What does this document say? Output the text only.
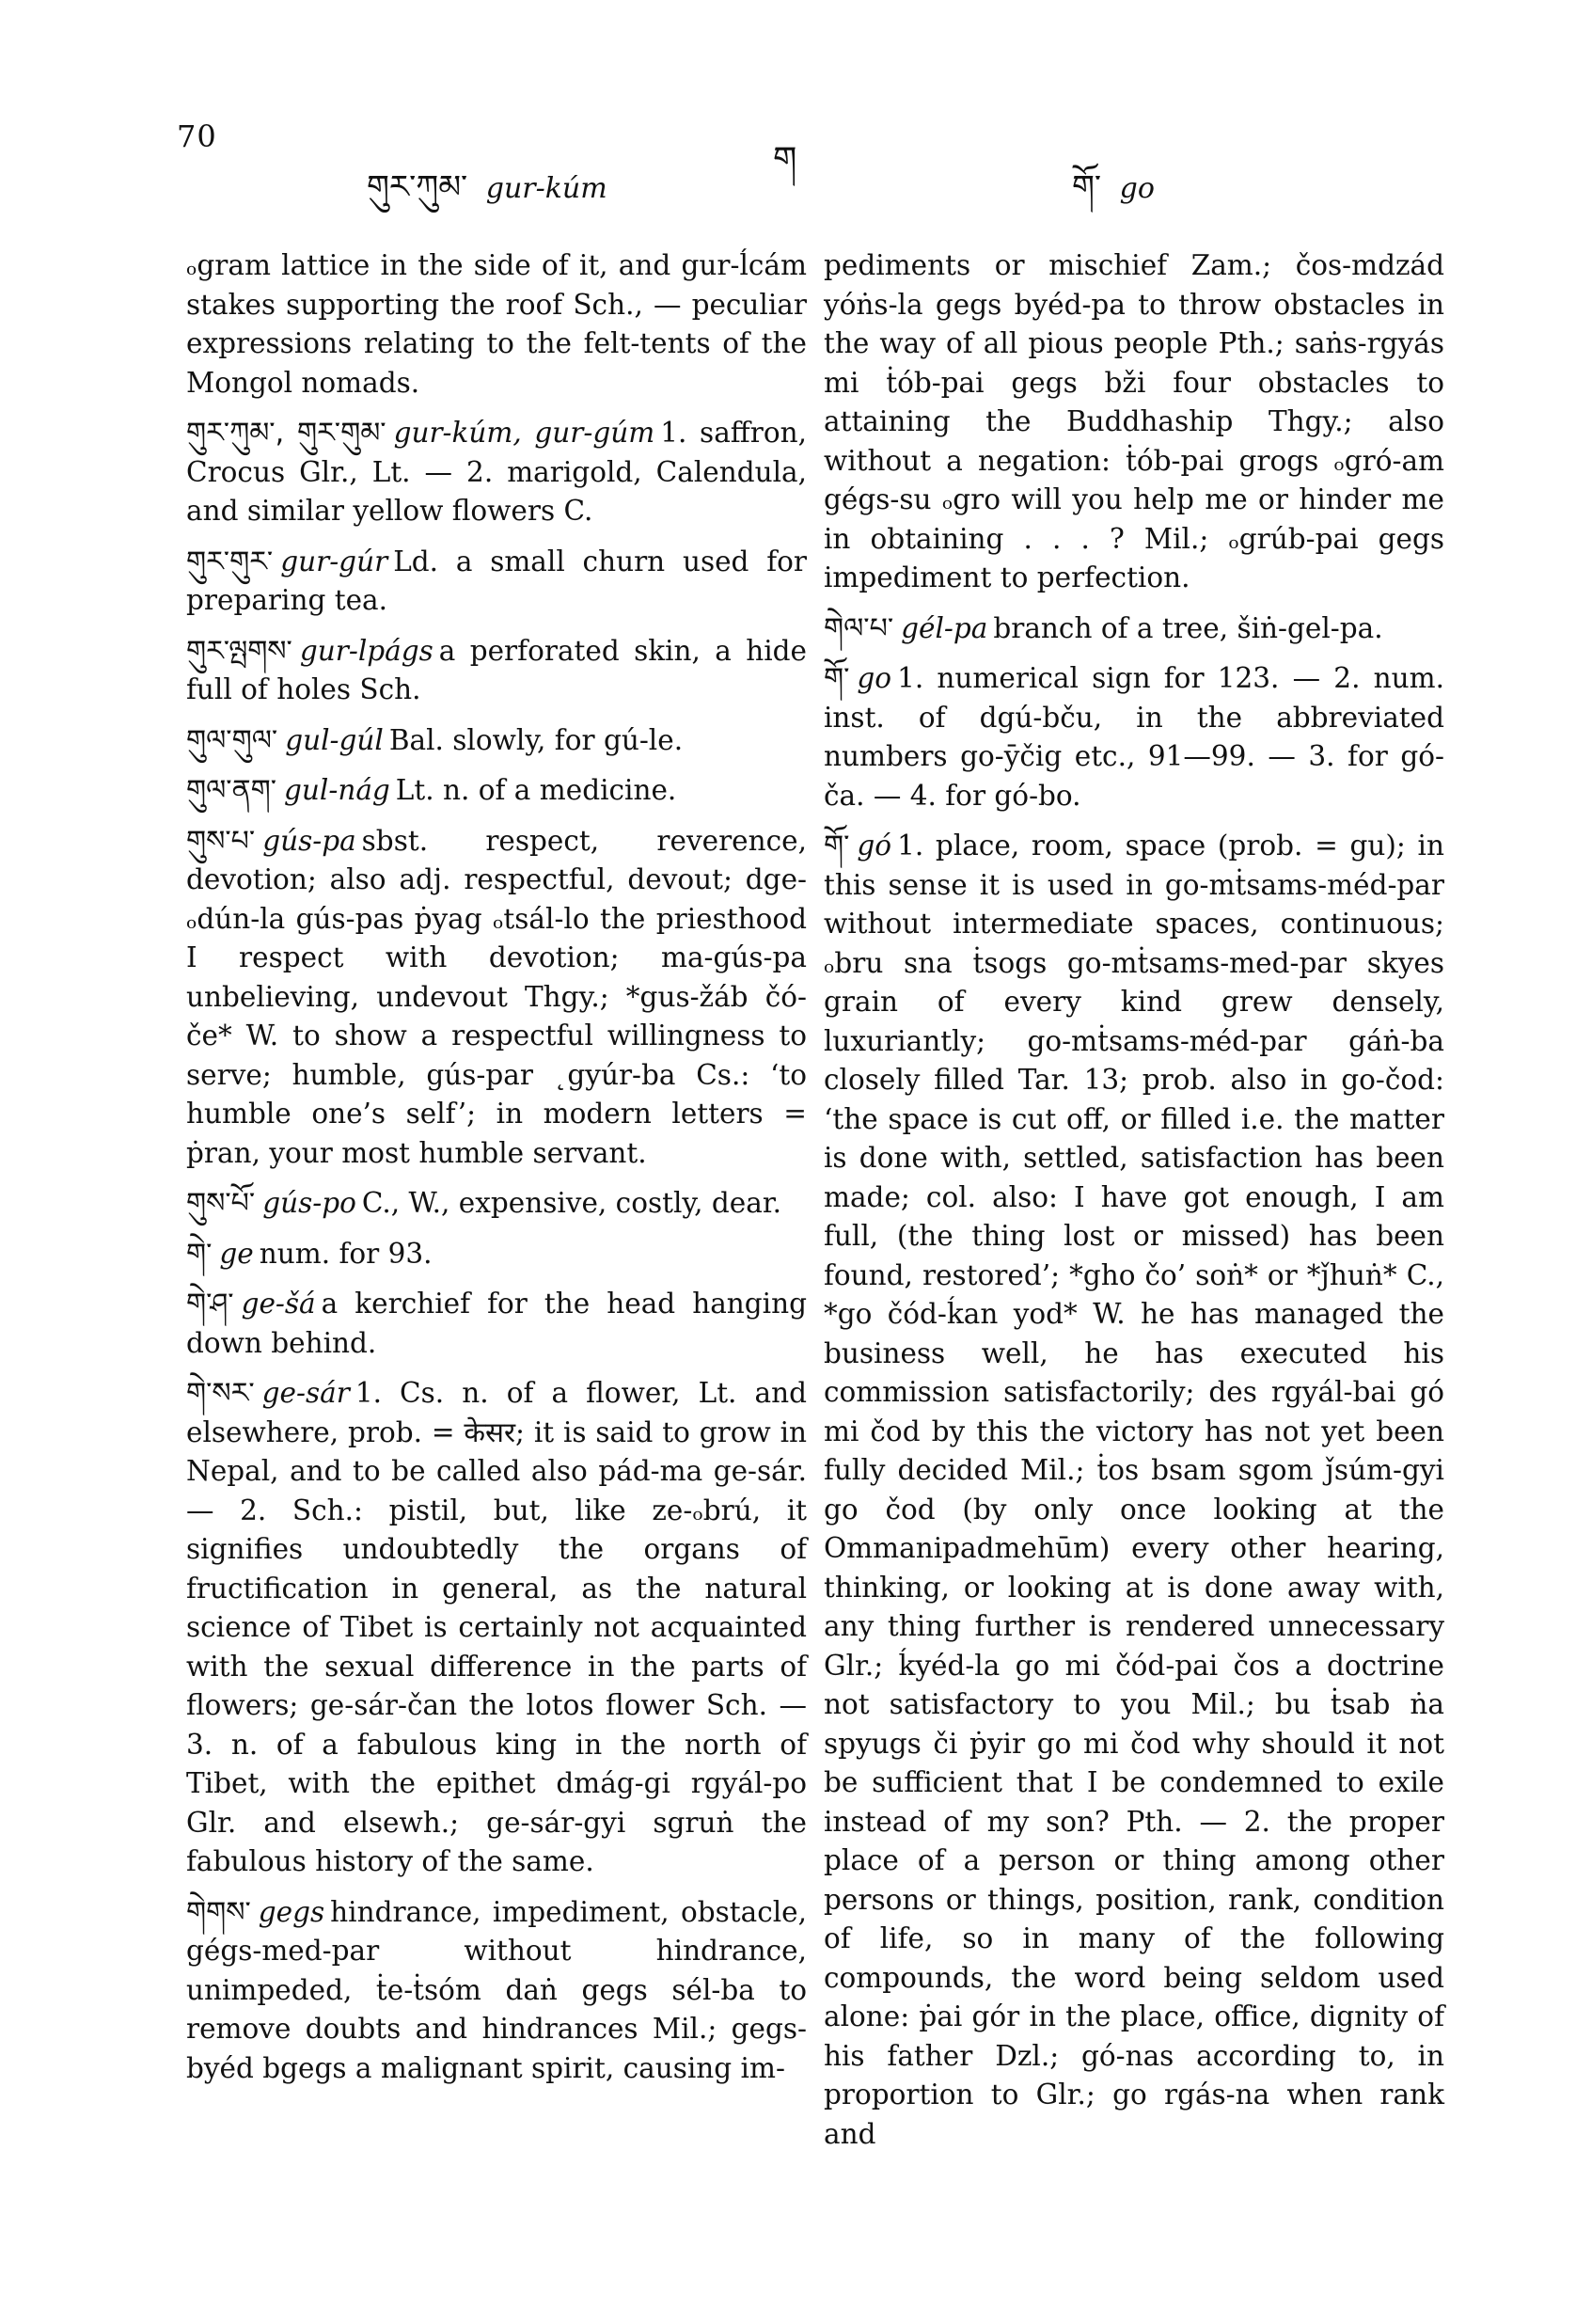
70
གུར་ཀུམ་ gur-kúm
ག
གོ་ go

ₒgram lattice in the side of it, and gur-ĺcám stakes supporting the roof Sch., — peculiar expressions relating to the felt-tents of the Mongol nomads.

གུར་ཀུམ་, གུར་གུམ་ gur-kúm, gur-gúm 1. saffron, Crocus Glr., Lt. — 2. marigold, Calendula, and similar yellow flowers C.

གུར་གུར་ gur-gúr Ld. a small churn used for preparing tea.

གུར་ལྤགས་ gur-lpágs a perforated skin, a hide full of holes Sch.

གུལ་གུལ་ gul-gúl Bal. slowly, for gú-le.

གུལ་ནག་ gul-nág Lt. n. of a medicine.

གུས་པ་ gús-pa sbst. respect, reverence, devotion; also adj. respectful, devout; dge-ₒdún-la gús-pas ṗyag ₒtsál-lo the priesthood I respect with devotion; ma-gús-pa unbelieving, undevout Thgy.; *gus-žáb čó-če* W. to show a respectful willingness to serve; humble, gús-par ˛gyúr-ba Cs.: ‘to humble one’s self’; in modern letters = ṗran, your most humble servant.

གུས་པོ་ gús-po C., W., expensive, costly, dear.

གེ་ ge num. for 93.

གེ་ཤ་ ge-šá a kerchief for the head hanging down behind.

གེ་སར་ ge-sár 1. Cs. n. of a flower, Lt. and elsewhere, prob. = केसर; it is said to grow in Nepal, and to be called also pád-ma ge-sár. — 2. Sch.: pistil, but, like ze-ₒbrú, it signifies undoubtedly the organs of fructification in general, as the natural science of Tibet is certainly not acquainted with the sexual difference in the parts of flowers; ge-sár-čan the lotos flower Sch. — 3. n. of a fabulous king in the north of Tibet, with the epithet dmág-gi rgyál-po Glr. and elsewh.; ge-sár-gyi sgruṅ the fabulous history of the same.

གེགས་ gegs hindrance, impediment, obstacle, gégs-med-par without hindrance, unimpeded, ṫe-ṫsóm daṅ gegs sél-ba to remove doubts and hindrances Mil.; gegs-byéd bgegs a malignant spirit, causing im-

pediments or mischief Zam.; čos-mdzád yóṅs-la gegs byéd-pa to throw obstacles in the way of all pious people Pth.; saṅs-rgyás mi ṫób-pai gegs bži four obstacles to attaining the Buddhaship Thgy.; also without a negation: ṫób-pai grogs ₒgró-am gégs-su ₒgro will you help me or hinder me in obtaining . . . ? Mil.; ₒgrúb-pai gegs impediment to perfection.

གེལ་པ་ gél-pa branch of a tree, šiṅ-gel-pa.

གོ་ go 1. numerical sign for 123. — 2. num. inst. of dgú-bču, in the abbreviated numbers go-ȳčig etc., 91—99. — 3. for gó-ča. — 4. for gó-bo.

གོ་ gó 1. place, room, space (prob. = gu); in this sense it is used in go-mṫsams-méd-par without intermediate spaces, continuous; ₒbru sna ṫsogs go-mṫsams-med-par skyes grain of every kind grew densely, luxuriantly; go-mṫsams-méd-par gáṅ-ba closely filled Tar. 13; prob. also in go-čod: ‘the space is cut off, or filled i.e. the matter is done with, settled, satisfaction has been made; col. also: I have got enough, I am full, (the thing lost or missed) has been found, restored’; *gho čo’ soṅ* or *ǰhuṅ* C., *go čód-ḱan yod* W. he has managed the business well, he has executed his commission satisfactorily; des rgyál-bai gó mi čod by this the victory has not yet been fully decided Mil.; ṫos bsam sgom ǰsúm-gyi go čod (by only once looking at the Ommanipadmehūm) every other hearing, thinking, or looking at is done away with, any thing further is rendered unnecessary Glr.; ḱyéd-la go mi čód-pai čos a doctrine not satisfactory to you Mil.; bu ṫsab ṅa spyugs či ṗyir go mi čod why should it not be sufficient that I be condemned to exile instead of my son? Pth. — 2. the proper place of a person or thing among other persons or things, position, rank, condition of life, so in many of the following compounds, the word being seldom used alone: ṗai gór in the place, office, dignity of his father Dzl.; gó-nas according to, in proportion to Glr.; go rgás-na when rank and
